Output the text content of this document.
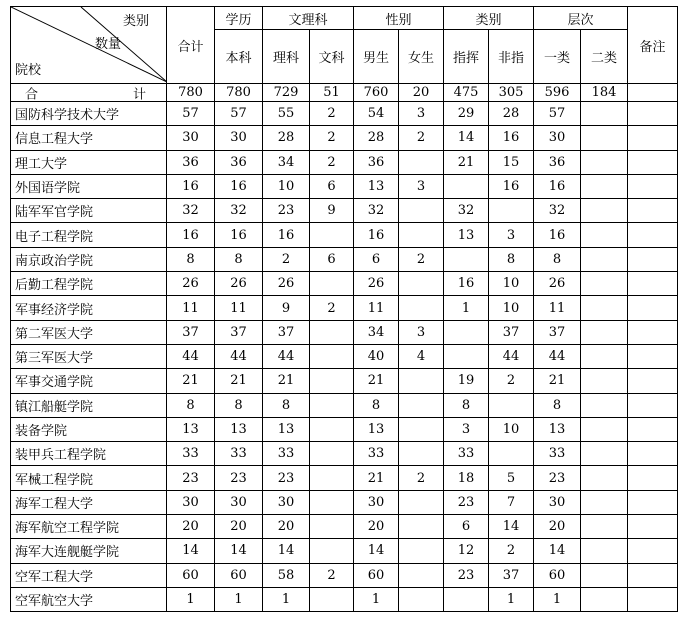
类别
数量
院校	合计	学历	文理科		性别		类别		层次		备注
		本科	理科	文科	男生	女生	指挥	非指	一类	二类	

合 计	780	780	729	51	760	20	475	305	596	184	
国防科学技术大学	57	57	55	2	54	3	29	28	57		
信息工程大学	30	30	28	2	28	2	14	16	30		
理工大学	36	36	34	2	36		21	15	36		
外国语学院	16	16	10	6	13	3		16	16		
陆军军官学院	32	32	23	9	32		32		32		
电子工程学院	16	16	16		16		13	3	16		
南京政治学院	8	8	2	6	6	2		8	8		
后勤工程学院	26	26	26		26		16	10	26		
军事经济学院	11	11	9	2	11		1	10	11		
第二军医大学	37	37	37		34	3		37	37		
第三军医大学	44	44	44		40	4		44	44		
军事交通学院	21	21	21		21		19	2	21		
镇江船艇学院	8	8	8		8		8		8		
装备学院	13	13	13		13		3	10	13		
装甲兵工程学院	33	33	33		33		33		33		
军械工程学院	23	23	23		21	2	18	5	23		
海军工程大学	30	30	30		30		23	7	30		
海军航空工程学院	20	20	20		20		6	14	20		
海军大连舰艇学院	14	14	14		14		12	2	14		
空军工程大学	60	60	58	2	60		23	37	60		
空军航空大学	1	1	1		1			1	1		
